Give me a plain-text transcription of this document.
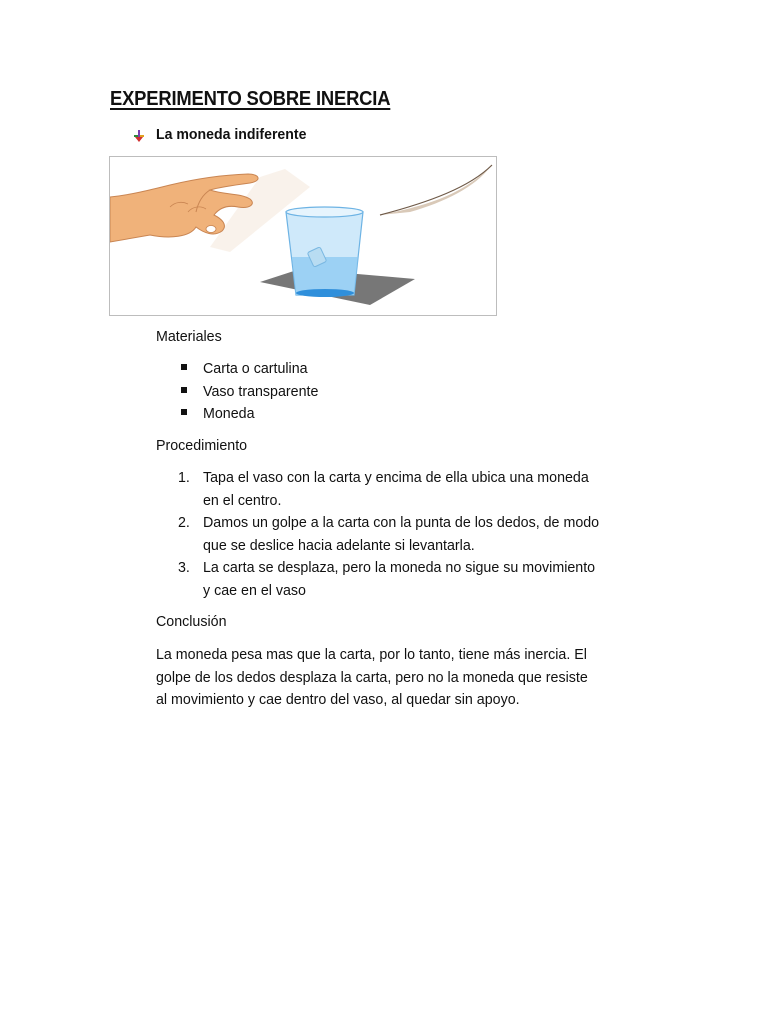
EXPERIMENTO SOBRE INERCIA
La moneda indiferente
Materiales
Carta o cartulina
Vaso transparente
Moneda
Procedimiento
1. Tapa el vaso con la carta y encima de ella ubica una moneda
en el centro.
2. Damos un golpe a la carta con la punta de los dedos, de modo
que se deslice hacia adelante si levantarla.
3. La carta se desplaza, pero la moneda no sigue su movimiento
y cae en el vaso
Conclusión
La moneda pesa mas que la carta, por lo tanto, tiene más inercia. El
golpe de los dedos desplaza la carta, pero no la moneda que resiste
al movimiento y cae dentro del vaso, al quedar sin apoyo.
